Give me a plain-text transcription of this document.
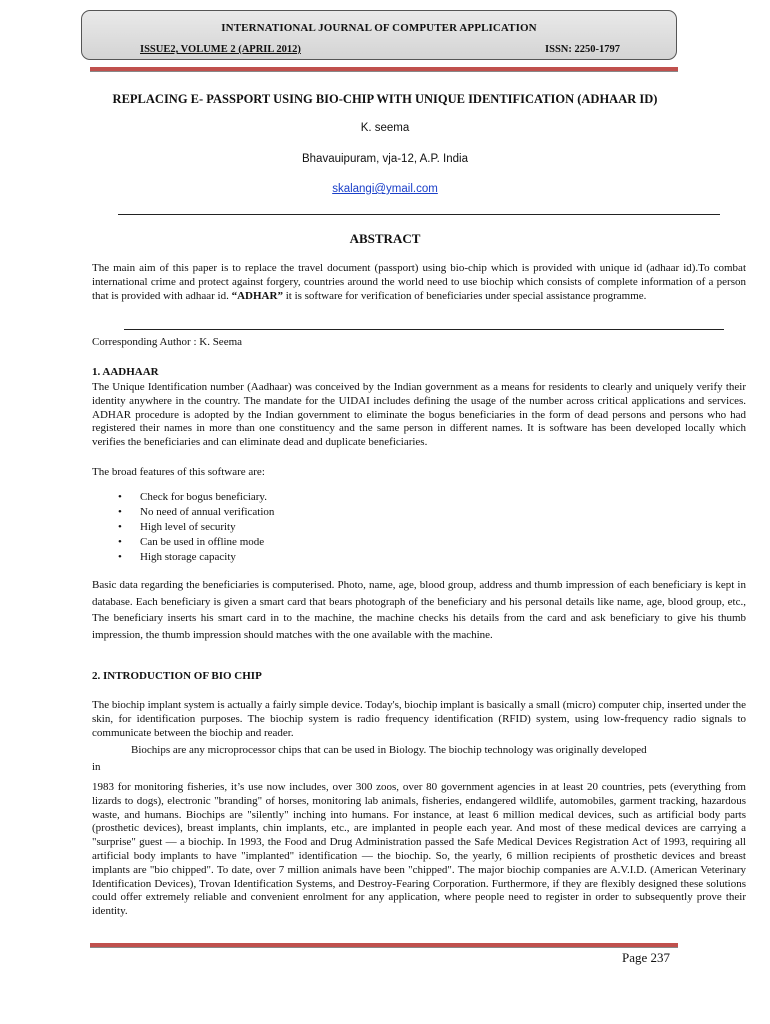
INTERNATIONAL JOURNAL OF COMPUTER APPLICATION
ISSUE2, VOLUME 2 (APRIL 2012)	ISSN: 2250-1797
REPLACING E- PASSPORT USING BIO-CHIP WITH UNIQUE IDENTIFICATION (ADHAAR ID)
K. seema
Bhavauipuram, vja-12, A.P. India
skalangi@ymail.com
ABSTRACT

The main aim of this paper is to replace the travel document (passport) using bio-chip which is provided with unique id (adhaar id).To combat international crime and protect against forgery, countries around the world need to use biochip which consists of complete information of a person that is provided with adhaar id. “ADHAR” it is software for verification of beneficiaries under special assistance programme.

Corresponding Author : K. Seema

1. AADHAAR

The Unique Identification number (Aadhaar) was conceived by the Indian government as a means for residents to clearly and uniquely verify their identity anywhere in the country. The mandate for the UIDAI includes defining the usage of the number across critical applications and services. ADHAR procedure is adopted by the Indian government to eliminate the bogus beneficiaries in the form of dead persons and persons who had registered their names in more than one constituency and the same person in different names. It is software has been developed locally which verifies the beneficiaries and can eliminate dead and duplicate beneficiaries.

The broad features of this software are:

• Check for bogus beneficiary.
• No need of annual verification
• High level of security
• Can be used in offline mode
• High storage capacity

Basic data regarding the beneficiaries is computerised. Photo, name, age, blood group, address and thumb impression of each beneficiary is kept in database. Each beneficiary is given a smart card that bears photograph of the beneficiary and his personal details like name, age, blood group, etc., The beneficiary inserts his smart card in to the machine, the machine checks his details from the card and ask beneficiary to give his thumb impression, the thumb impression should matches with the one available with the machine.

2. INTRODUCTION OF BIO CHIP

The biochip implant system is actually a fairly simple device. Today's, biochip implant is basically a small (micro) computer chip, inserted under the skin, for identification purposes. The biochip system is radio frequency identification (RFID) system, using low-frequency radio signals to communicate between the biochip and reader.

Biochips are any microprocessor chips that can be used in Biology. The biochip technology was originally developed

in

1983 for monitoring fisheries, it’s use now includes, over 300 zoos, over 80 government agencies in at least 20 countries, pets (everything from lizards to dogs), electronic "branding" of horses, monitoring lab animals, fisheries, endangered wildlife, automobiles, garment tracking, hazardous waste, and humans. Biochips are "silently" inching into humans. For instance, at least 6 million medical devices, such as artificial body parts (prosthetic devices), breast implants, chin implants, etc., are implanted in people each year. And most of these medical devices are carrying a "surprise" guest — a biochip. In 1993, the Food and Drug Administration passed the Safe Medical Devices Registration Act of 1993, requiring all artificial body implants to have "implanted" identification — the biochip. So, the yearly, 6 million recipients of prosthetic devices and breast implants are "bio chipped". To date, over 7 million animals have been "chipped". The major biochip companies are A.V.I.D. (American Veterinary Identification Devices), Trovan Identification Systems, and Destroy-Fearing Corporation. Furthermore, if they are flexibly designed these solutions could offer extremely reliable and convenient enrolment for any application, where people need to register in order to subsequently prove their identity.

Page 237
